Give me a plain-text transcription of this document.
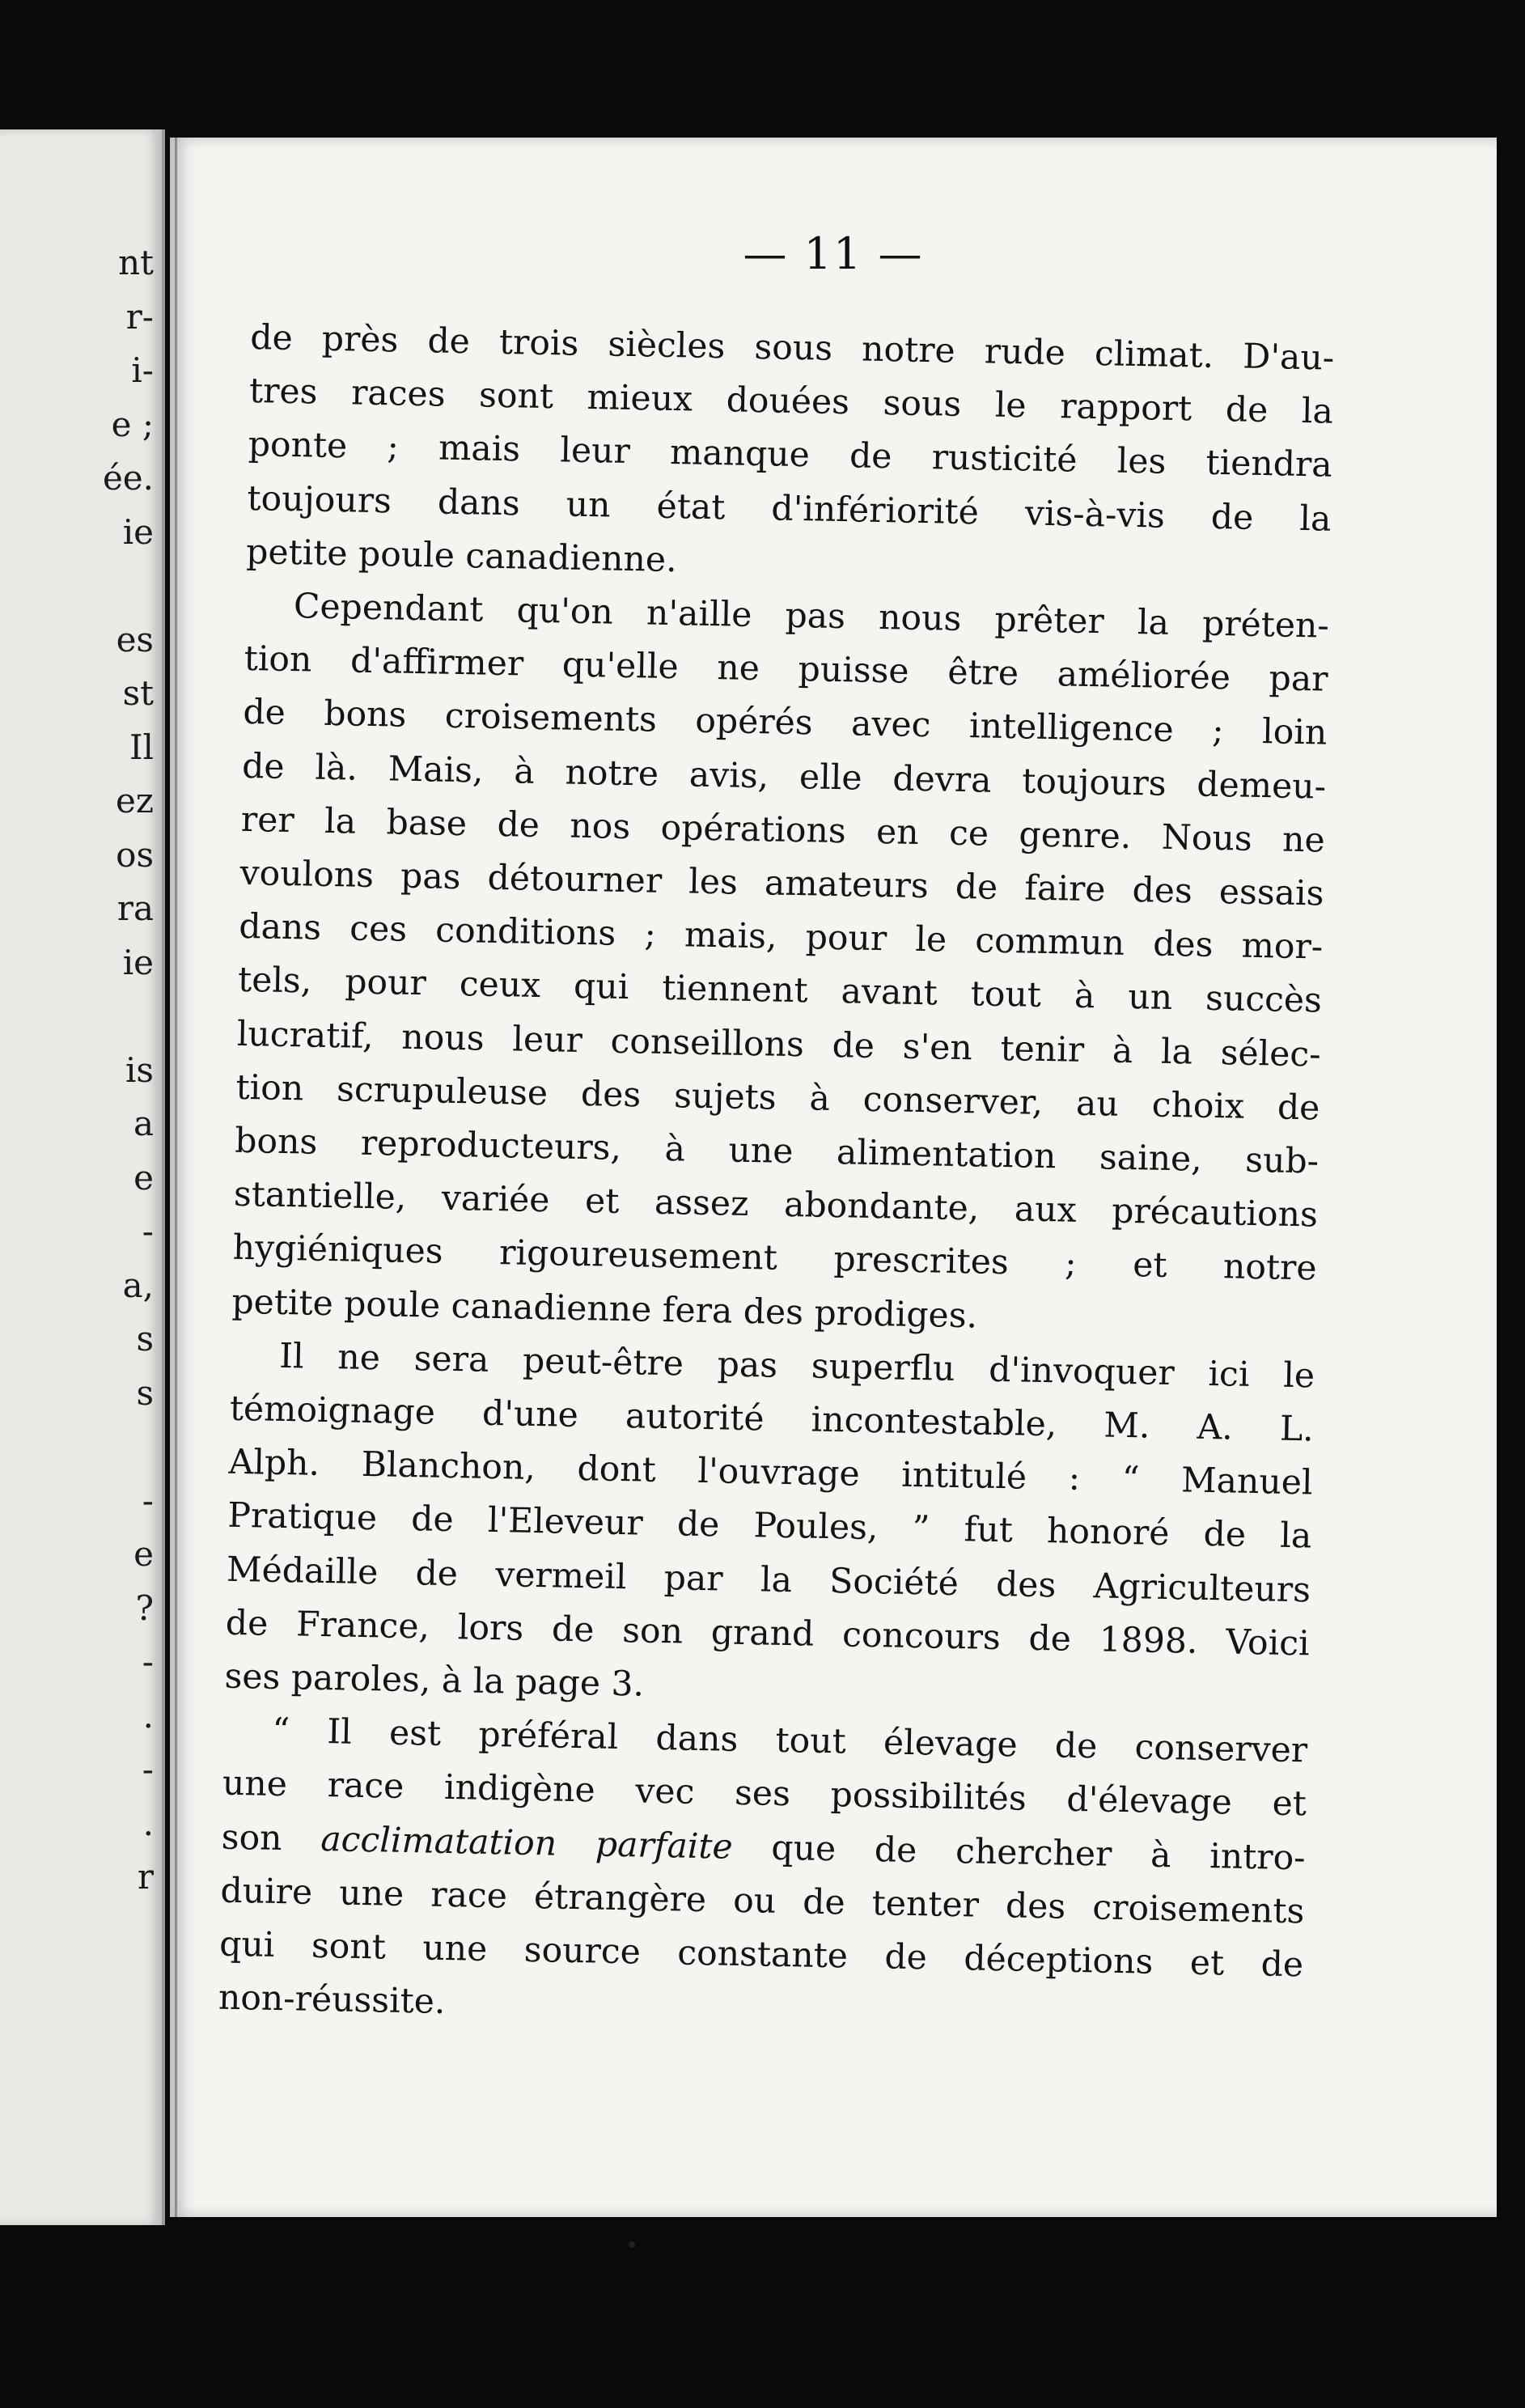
nt
r-
i-
e ;
ée.
ie
es
st
Il
ez
os
ra
ie
is
a
e
-
a,
s
s
-
e
?
-
.
-
.
r
— 11 —

de près de trois siècles sous notre rude climat. D'au-
tres races sont mieux douées sous le rapport de la
ponte ; mais leur manque de rusticité les tiendra
toujours dans un état d'infériorité vis-à-vis de la
petite poule canadienne.

Cependant qu'on n'aille pas nous prêter la préten-
tion d'affirmer qu'elle ne puisse être améliorée par
de bons croisements opérés avec intelligence ; loin
de là. Mais, à notre avis, elle devra toujours demeu-
rer la base de nos opérations en ce genre. Nous ne
voulons pas détourner les amateurs de faire des essais
dans ces conditions ; mais, pour le commun des mor-
tels, pour ceux qui tiennent avant tout à un succès
lucratif, nous leur conseillons de s'en tenir à la sélec-
tion scrupuleuse des sujets à conserver, au choix de
bons reproducteurs, à une alimentation saine, sub-
stantielle, variée et assez abondante, aux précautions
hygiéniques rigoureusement prescrites ; et notre
petite poule canadienne fera des prodiges.

Il ne sera peut-être pas superflu d'invoquer ici le
témoignage d'une autorité incontestable, M. A. L.
Alph. Blanchon, dont l'ouvrage intitulé : “ Manuel
Pratique de l'Eleveur de Poules, ” fut honoré de la
Médaille de vermeil par la Société des Agriculteurs
de France, lors de son grand concours de 1898. Voici
ses paroles, à la page 3.

“ Il est préféral dans tout élevage de conserver
une race indigène vec ses possibilités d'élevage et
son acclimatation parfaite que de chercher à intro-
duire une race étrangère ou de tenter des croisements
qui sont une source constante de déceptions et de
non-réussite.
